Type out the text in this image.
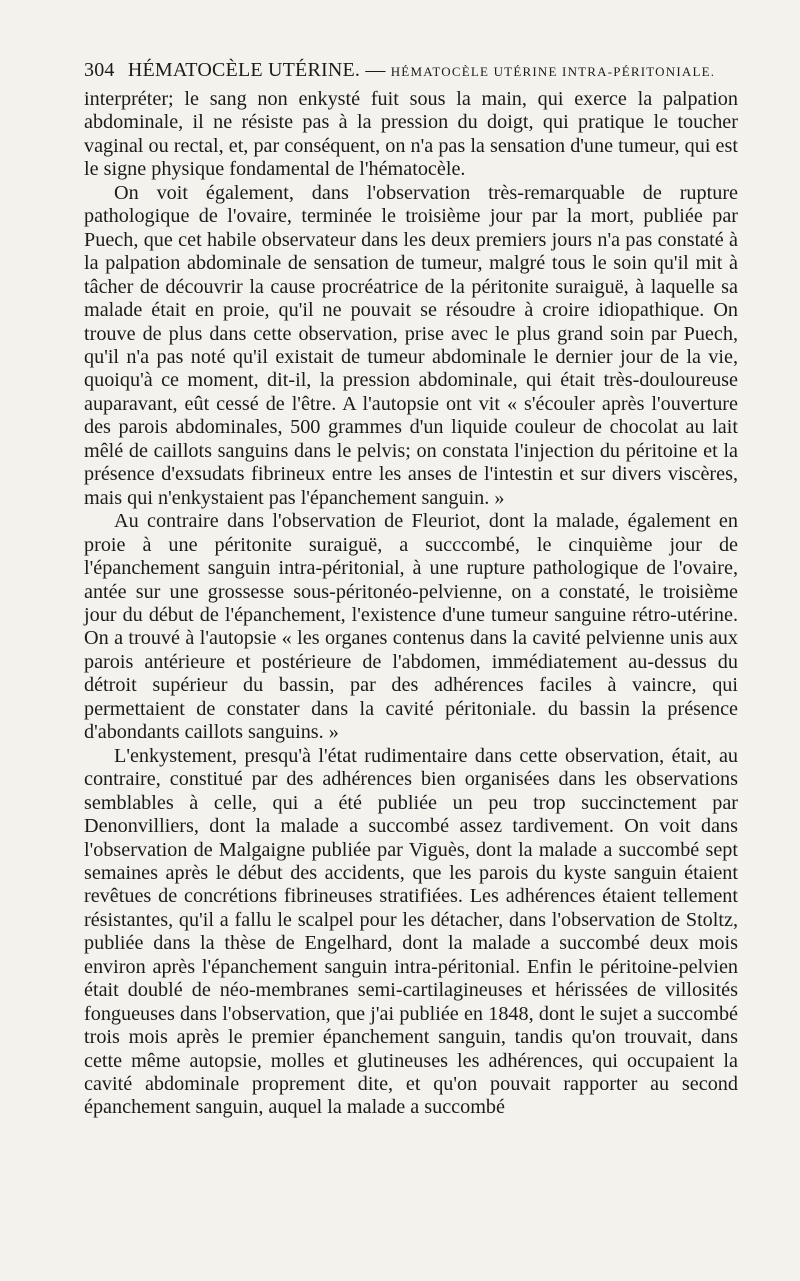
304 HÉMATOCÈLE UTÉRINE. — HÉMATOCÈLE UTÉRINE INTRA-PÉRITONIALE.

interpréter; le sang non enkysté fuit sous la main, qui exerce la palpation abdominale, il ne résiste pas à la pression du doigt, qui pratique le toucher vaginal ou rectal, et, par conséquent, on n'a pas la sensation d'une tumeur, qui est le signe physique fondamental de l'hématocèle.

On voit également, dans l'observation très-remarquable de rupture pathologique de l'ovaire, terminée le troisième jour par la mort, publiée par Puech, que cet habile observateur dans les deux premiers jours n'a pas constaté à la palpation abdominale de sensation de tumeur, malgré tous le soin qu'il mit à tâcher de découvrir la cause procréatrice de la péritonite suraiguë, à laquelle sa malade était en proie, qu'il ne pouvait se résoudre à croire idiopathique. On trouve de plus dans cette observation, prise avec le plus grand soin par Puech, qu'il n'a pas noté qu'il existait de tumeur abdominale le dernier jour de la vie, quoiqu'à ce moment, dit-il, la pression abdominale, qui était très-douloureuse auparavant, eût cessé de l'être. A l'autopsie ont vit « s'écouler après l'ouverture des parois abdominales, 500 grammes d'un liquide couleur de chocolat au lait mêlé de caillots sanguins dans le pelvis; on constata l'injection du péritoine et la présence d'exsudats fibrineux entre les anses de l'intestin et sur divers viscères, mais qui n'enkystaient pas l'épanchement sanguin. »

Au contraire dans l'observation de Fleuriot, dont la malade, également en proie à une péritonite suraiguë, a succcombé, le cinquième jour de l'épanchement sanguin intra-péritonial, à une rupture pathologique de l'ovaire, antée sur une grossesse sous-péritonéo-pelvienne, on a constaté, le troisième jour du début de l'épanchement, l'existence d'une tumeur sanguine rétro-utérine. On a trouvé à l'autopsie « les organes contenus dans la cavité pelvienne unis aux parois antérieure et postérieure de l'abdomen, immédiatement au-dessus du détroit supérieur du bassin, par des adhérences faciles à vaincre, qui permettaient de constater dans la cavité péritoniale. du bassin la présence d'abondants caillots sanguins. »

L'enkystement, presqu'à l'état rudimentaire dans cette observation, était, au contraire, constitué par des adhérences bien organisées dans les observations semblables à celle, qui a été publiée un peu trop succinctement par Denonvilliers, dont la malade a succombé assez tardivement. On voit dans l'observation de Malgaigne publiée par Viguès, dont la malade a succombé sept semaines après le début des accidents, que les parois du kyste sanguin étaient revêtues de concrétions fibrineuses stratifiées. Les adhérences étaient tellement résistantes, qu'il a fallu le scalpel pour les détacher, dans l'observation de Stoltz, publiée dans la thèse de Engelhard, dont la malade a succombé deux mois environ après l'épanchement sanguin intra-péritonial. Enfin le péritoine-pelvien était doublé de néo-membranes semi-cartilagineuses et hérissées de villosités fongueuses dans l'observation, que j'ai publiée en 1848, dont le sujet a succombé trois mois après le premier épanchement sanguin, tandis qu'on trouvait, dans cette même autopsie, molles et glutineuses les adhérences, qui occupaient la cavité abdominale proprement dite, et qu'on pouvait rapporter au second épanchement sanguin, auquel la malade a succombé
